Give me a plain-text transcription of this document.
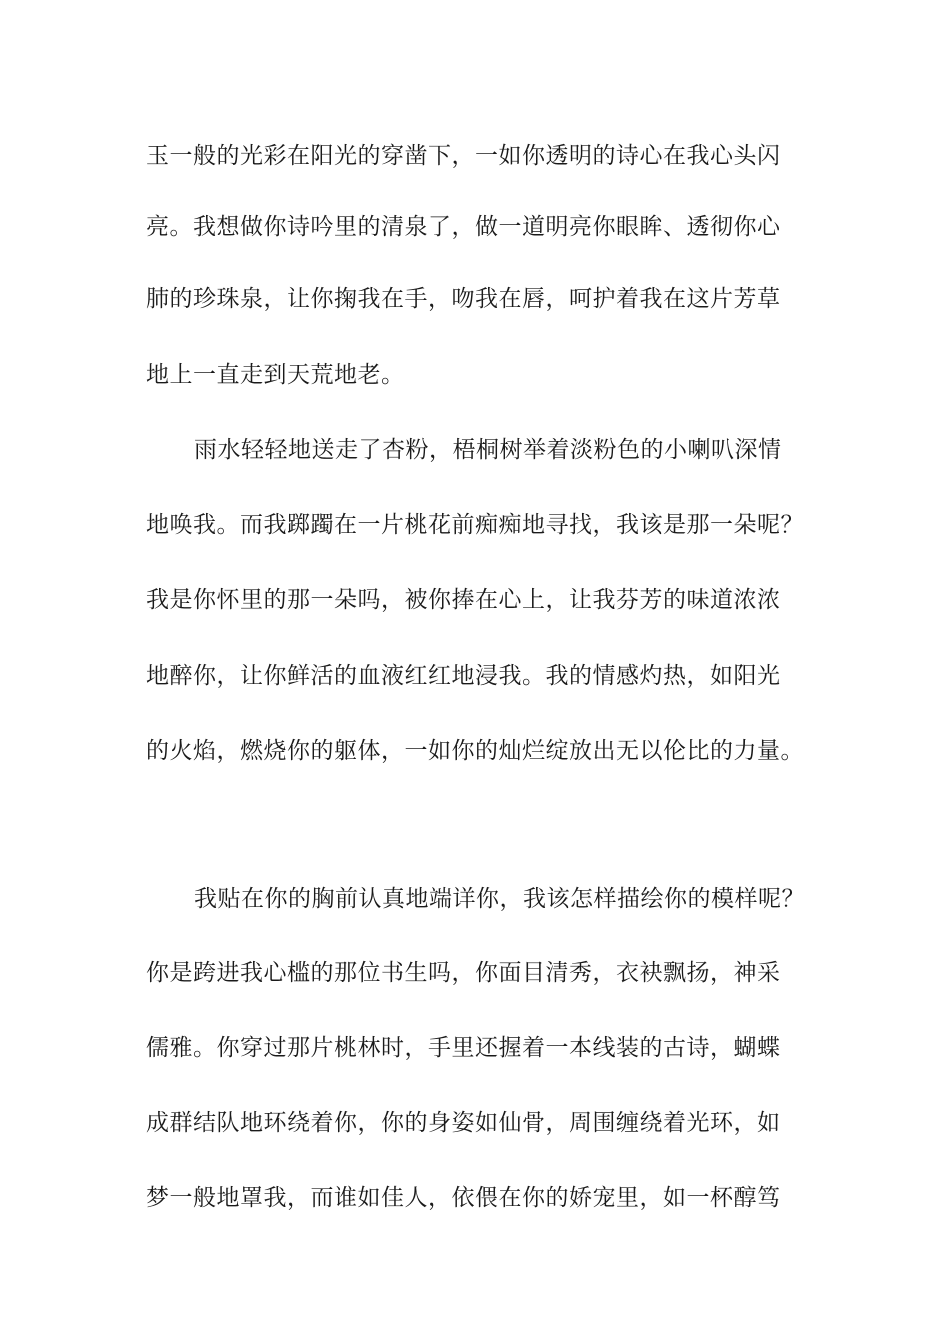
玉一般的光彩在阳光的穿凿下，一如你透明的诗心在我心头闪
亮。我想做你诗吟里的清泉了，做一道明亮你眼眸、透彻你心
肺的珍珠泉，让你掬我在手，吻我在唇，呵护着我在这片芳草
地上一直走到天荒地老。
雨水轻轻地送走了杏粉，梧桐树举着淡粉色的小喇叭深情
地唤我。而我踯躅在一片桃花前痴痴地寻找，我该是那一朵呢？
我是你怀里的那一朵吗，被你捧在心上，让我芬芳的味道浓浓
地醉你，让你鲜活的血液红红地浸我。我的情感灼热，如阳光
的火焰，燃烧你的躯体，一如你的灿烂绽放出无以伦比的力量。
我贴在你的胸前认真地端详你，我该怎样描绘你的模样呢？
你是跨进我心槛的那位书生吗，你面目清秀，衣袂飘扬，神采
儒雅。你穿过那片桃林时，手里还握着一本线装的古诗，蝴蝶
成群结队地环绕着你，你的身姿如仙骨，周围缠绕着光环，如
梦一般地罩我，而谁如佳人，依偎在你的娇宠里，如一杯醇笃
